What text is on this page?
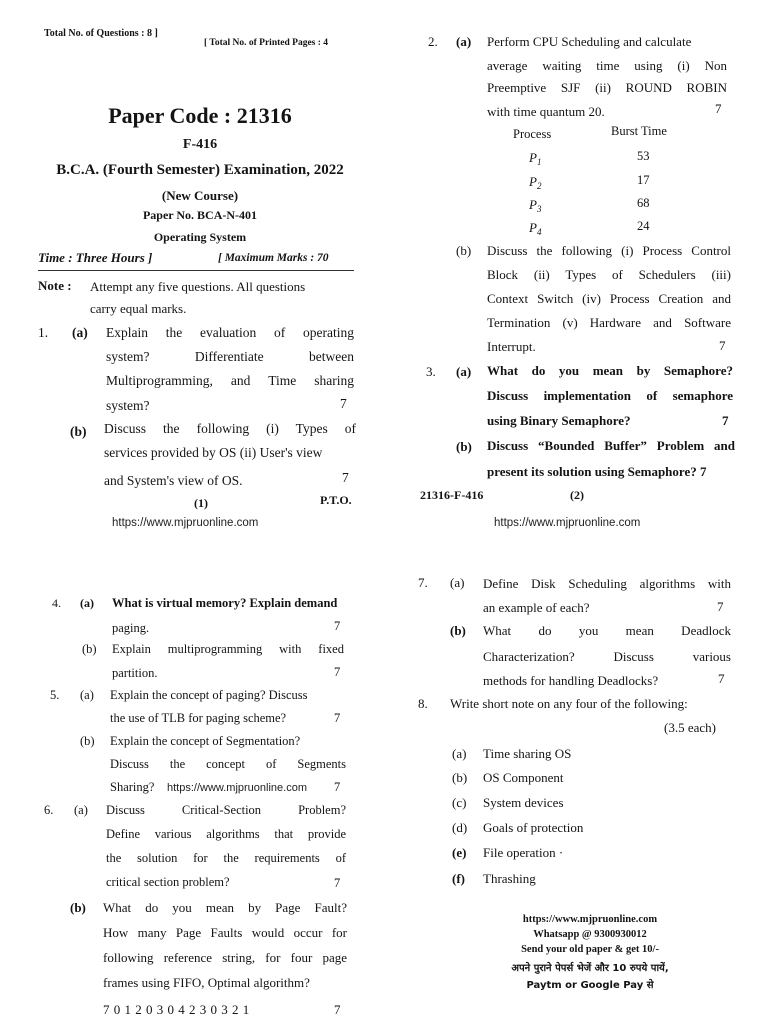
Total No. of Questions : 8 ]
[ Total No. of Printed Pages : 4
Paper Code : 21316
F-416
B.C.A. (Fourth Semester) Examination, 2022
(New Course)
Paper No. BCA-N-401
Operating System
Time : Three Hours ]	[ Maximum Marks : 70
Note : Attempt any five questions. All questions
carry equal marks.
1. (a) Explain the evaluation of operating
system? Differentiate between
Multiprogramming, and Time sharing
system?	7
(b) Discuss the following (i) Types of
services provided by OS (ii) User's view
and System's view of OS.	7
(1)	P.T.O.
https://www.mjpruonline.com
2. (a) Perform CPU Scheduling and calculate
average waiting time using (i) Non
Preemptive SJF (ii) ROUND ROBIN
with time quantum 20.	7
Process	Burst Time
$P_1$	53
$P_2$	17
$P_3$	68
$P_4$	24
(b) Discuss the following (i) Process Control
Block (ii) Types of Schedulers (iii)
Context Switch (iv) Process Creation and
Termination (v) Hardware and Software
Interrupt.	7
3. (a) What do you mean by Semaphore?
Discuss implementation of semaphore
using Binary Semaphore?	7
(b) Discuss “Bounded Buffer” Problem and
present its solution using Semaphore? 7
21316-F-416	(2)
https://www.mjpruonline.com
4. (a) What is virtual memory? Explain demand
paging.	7
(b) Explain multiprogramming with fixed
partition.	7
5. (a) Explain the concept of paging? Discuss
the use of TLB for paging scheme?	7
(b) Explain the concept of Segmentation?
Discuss the concept of Segments
Sharing? https://www.mjpruonline.com 7
6. (a) Discuss Critical-Section Problem?
Define various algorithms that provide
the solution for the requirements of
critical section problem?	7
(b) What do you mean by Page Fault?
How many Page Faults would occur for
following reference string, for four page
frames using FIFO, Optimal algorithm?
7 0 1 2 0 3 0 4 2 3 0 3 2 1	7
7. (a) Define Disk Scheduling algorithms with
an example of each?	7
(b) What do you mean Deadlock
Characterization? Discuss various
methods for handling Deadlocks?	7
8. Write short note on any four of the following:
(3.5 each)
(a) Time sharing OS
(b) OS Component
(c) System devices
(d) Goals of protection
(e) File operation ·
(f) Thrashing
https://www.mjpruonline.com
Whatsapp @ 9300930012
Send your old paper & get 10/-
अपने पुराने पेपर्स भेजें और 10 रुपये पायें,
Paytm or Google Pay से
